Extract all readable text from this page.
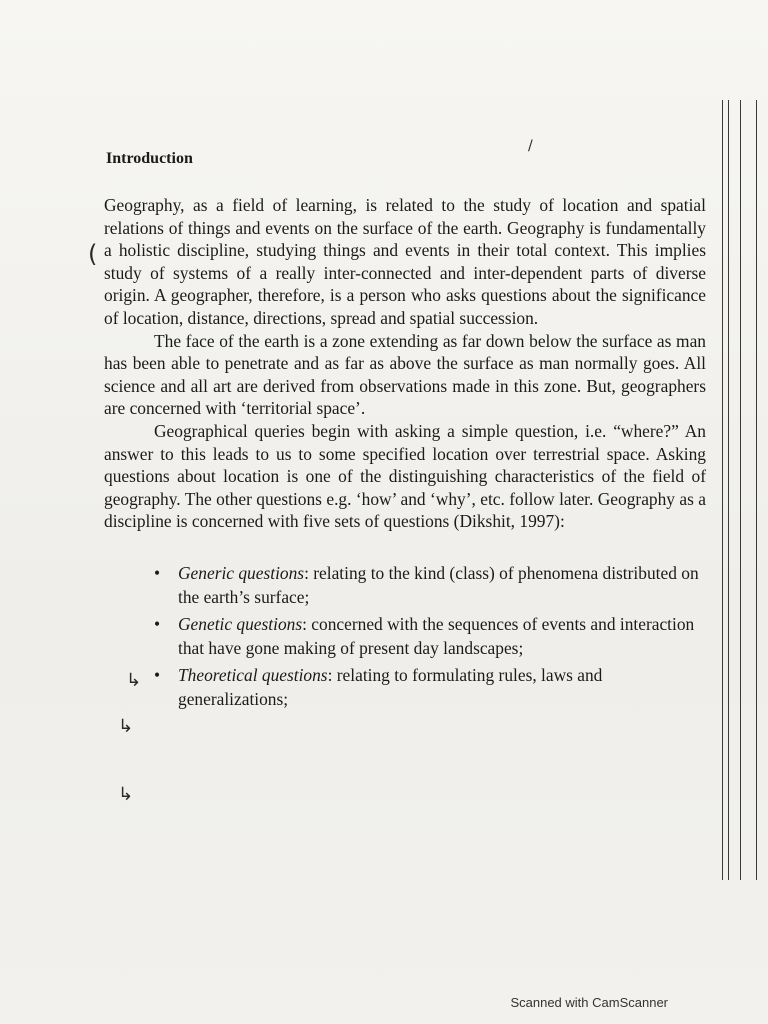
/
(
↳
↳
↳
Introduction

Geography, as a field of learning, is related to the study of location and spatial relations of things and events on the surface of the earth. Geography is fundamentally a holistic discipline, studying things and events in their total context. This implies study of systems of a really inter-connected and inter-dependent parts of diverse origin. A geographer, therefore, is a person who asks questions about the significance of location, distance, directions, spread and spatial succession.

The face of the earth is a zone extending as far down below the surface as man has been able to penetrate and as far as above the surface as man normally goes. All science and all art are derived from observations made in this zone. But, geographers are concerned with ‘territorial space’.

Geographical queries begin with asking a simple question, i.e. “where?” An answer to this leads to us to some specified location over terrestrial space. Asking questions about location is one of the distinguishing characteristics of the field of geography. The other questions e.g. ‘how’ and ‘why’, etc. follow later. Geography as a discipline is concerned with five sets of questions (Dikshit, 1997):

• Generic questions: relating to the kind (class) of phenomena distributed on the earth’s surface;
• Genetic questions: concerned with the sequences of events and interaction that have gone making of present day landscapes;
• Theoretical questions: relating to formulating rules, laws and generalizations;
Scanned with CamScanner
